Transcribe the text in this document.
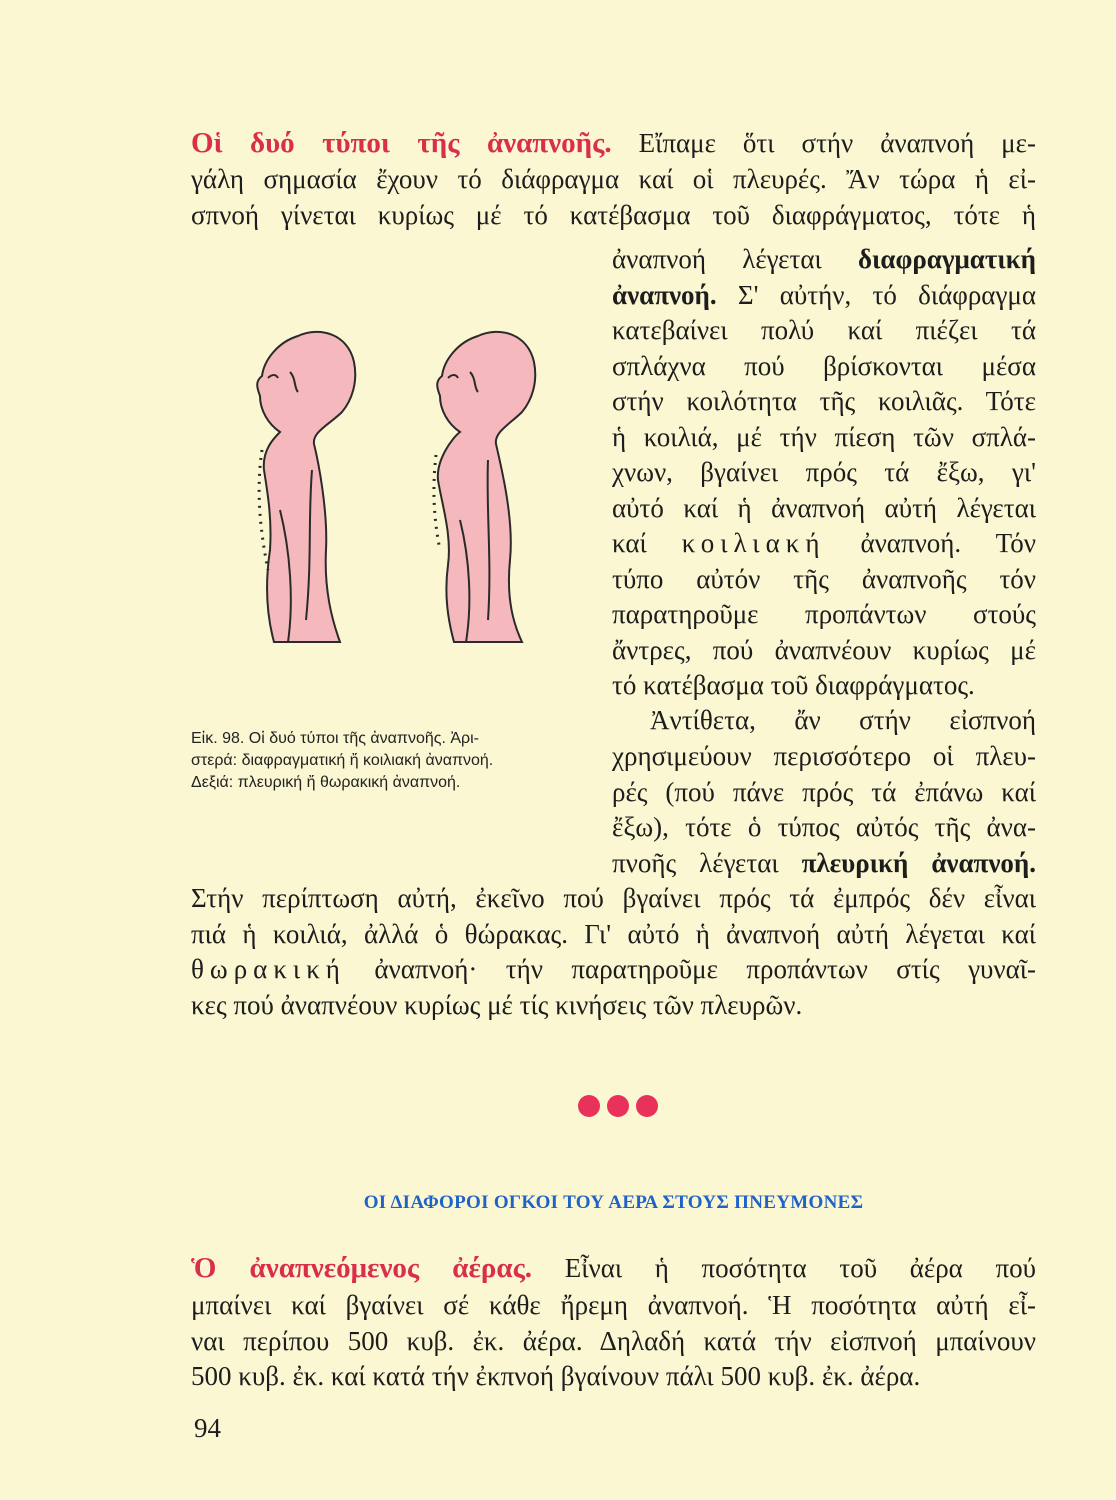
Οἱ δυό τύποι τῆς ἀναπνοῆς. Εἴπαμε ὅτι στήν ἀναπνοή με-
γάλη σημασία ἔχουν τό διάφραγμα καί οἱ πλευρές. Ἄν τώρα ἡ εἰ-
σπνοή γίνεται κυρίως μέ τό κατέβασμα τοῦ διαφράγματος, τότε ἡ
ἀναπνοή λέγεται διαφραγματική
ἀναπνοή. Σ' αὐτήν, τό διάφραγμα
κατεβαίνει πολύ καί πιέζει τά
σπλάχνα πού βρίσκονται μέσα
στήν κοιλότητα τῆς κοιλιᾶς. Τότε
ἡ κοιλιά, μέ τήν πίεση τῶν σπλά-
χνων, βγαίνει πρός τά ἔξω, γι'
αὐτό καί ἡ ἀναπνοή αὐτή λέγεται
καί κοιλιακή ἀναπνοή. Τόν
τύπο αὐτόν τῆς ἀναπνοῆς τόν
παρατηροῦμε προπάντων στούς
ἄντρες, πού ἀναπνέουν κυρίως μέ
τό κατέβασμα τοῦ διαφράγματος.
Εἰκ. 98. Οἱ δυό τύποι τῆς ἀναπνοῆς. Ἀρι-
στερά: διαφραγματική ἤ κοιλιακή ἀναπνοή.
Δεξιά: πλευρική ἤ θωρακική ἀναπνοή.
Ἀντίθετα, ἄν στήν εἰσπνοή
χρησιμεύουν περισσότερο οἱ πλευ-
ρές (πού πάνε πρός τά ἐπάνω καί
ἔξω), τότε ὁ τύπος αὐτός τῆς ἀνα-
πνοῆς λέγεται πλευρική ἀναπνοή.
Στήν περίπτωση αὐτή, ἐκεῖνο πού βγαίνει πρός τά ἐμπρός δέν εἶναι
πιά ἡ κοιλιά, ἀλλά ὁ θώρακας. Γι' αὐτό ἡ ἀναπνοή αὐτή λέγεται καί
θωρακική ἀναπνοή· τήν παρατηροῦμε προπάντων στίς γυναῖ-
κες πού ἀναπνέουν κυρίως μέ τίς κινήσεις τῶν πλευρῶν.
ΟΙ ΔΙΑΦΟΡΟΙ ΟΓΚΟΙ ΤΟΥ ΑΕΡΑ ΣΤΟΥΣ ΠΝΕΥΜΟΝΕΣ
Ὁ ἀναπνεόμενος ἀέρας. Εἶναι ἡ ποσότητα τοῦ ἀέρα πού
μπαίνει καί βγαίνει σέ κάθε ἤρεμη ἀναπνοή. Ἡ ποσότητα αὐτή εἶ-
ναι περίπου 500 κυβ. ἐκ. ἀέρα. Δηλαδή κατά τήν εἰσπνοή μπαίνουν
500 κυβ. ἐκ. καί κατά τήν ἐκπνοή βγαίνουν πάλι 500 κυβ. ἐκ. ἀέρα.
94
